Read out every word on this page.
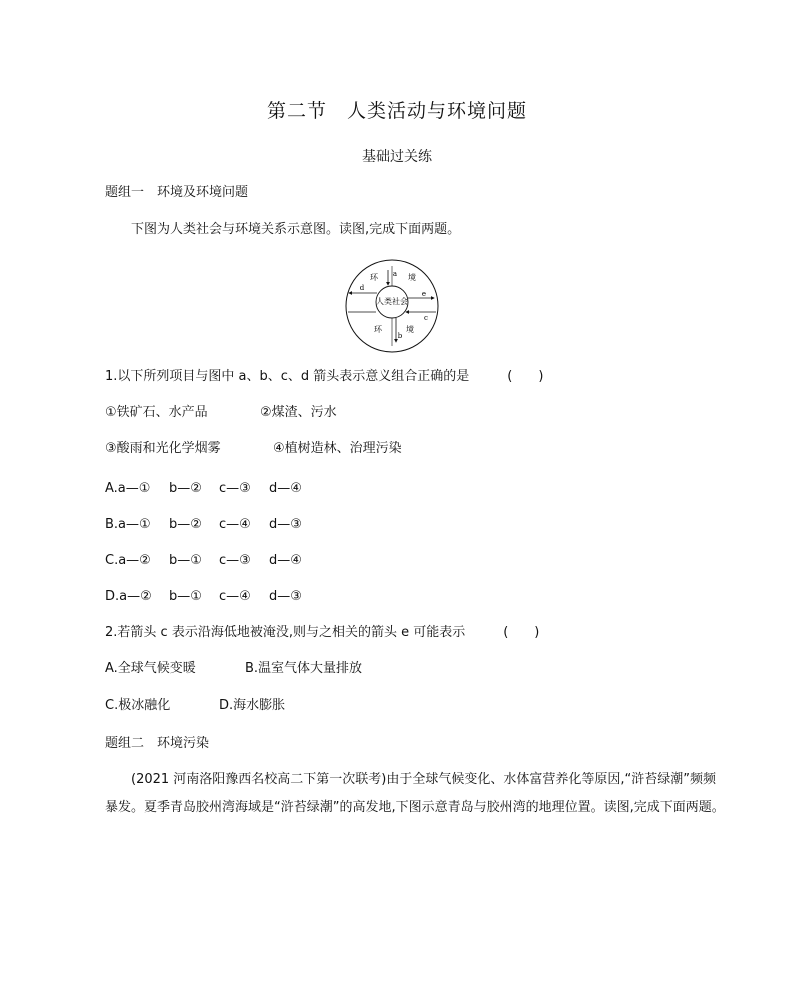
第二节　人类活动与环境问题
基础过关练
题组一　环境及环境问题
下图为人类社会与环境关系示意图。读图,完成下面两题。
人类社会
环	境
环	境
a
b
c
d
e
1.以下所列项目与图中 a、b、c、d 箭头表示意义组合正确的是	(　　)
①铁矿石、水产品	②煤渣、污水
③酸雨和光化学烟雾	④植树造林、治理污染
A.a—①	b—②	c—③	d—④
B.a—①	b—②	c—④	d—③
C.a—②	b—①	c—③	d—④
D.a—②	b—①	c—④	d—③
2.若箭头 c 表示沿海低地被淹没,则与之相关的箭头 e 可能表示	(　　)
A.全球气候变暖	B.温室气体大量排放
C.极冰融化	D.海水膨胀
题组二　环境污染
(2021 河南洛阳豫西名校高二下第一次联考)由于全球气候变化、水体富营养化等原因,“浒苔绿潮”频频暴发。夏季青岛胶州湾海域是“浒苔绿潮”的高发地,下图示意青岛与胶州湾的地理位置。读图,完成下面两题。
